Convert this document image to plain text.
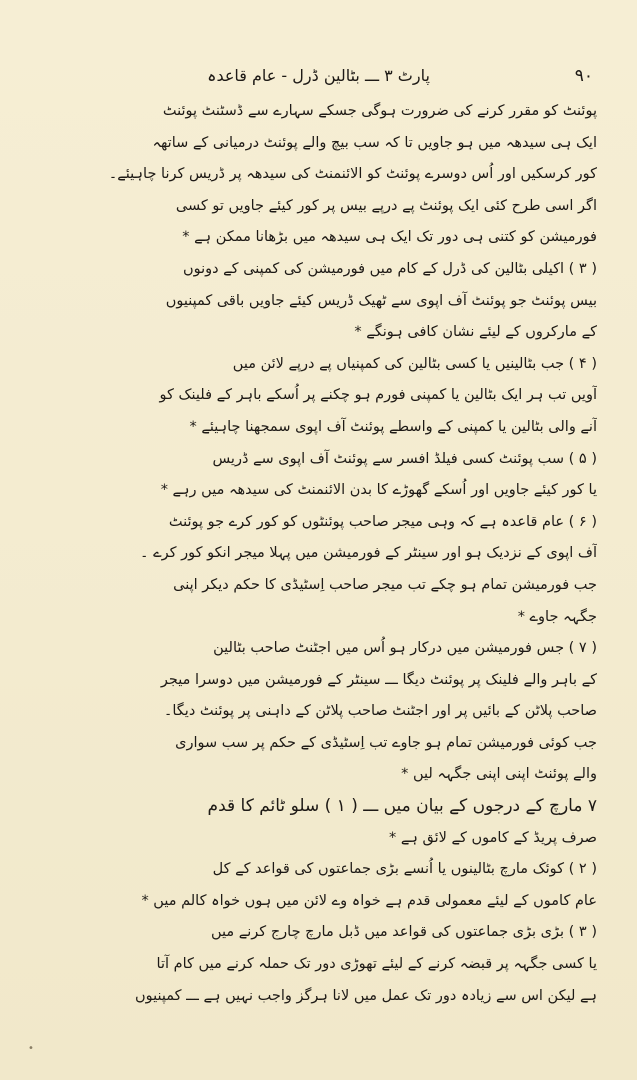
۹۰
پارٹ ۳ ـــ بٹالین ڈرل - عام قاعدہ
پوئنٹ کو مقرر کرنے کی ضرورت ہوگی جسکے سہارے سے ڈسٹنٹ پوئنٹ
ایک ہی سیدھہ میں ہو جاویں تا کہ سب بیچ والے پوئنٹ درمیانی کے ساتھہ
کور کرسکیں اور اُس دوسرے پوئنٹ کو الائنمنٹ کی سیدھہ پر ڈریس کرنا چاہیئے۔
اگر اسی طرح کئی ایک پوئنٹ پے درپے بیس پر کور کیئے جاویں تو کسی
فورمیشن کو کتنی ہی دور تک ایک ہی سیدھہ میں بڑھانا ممکن ہے *
( ۳ ) اکیلی بٹالین کی ڈرل کے کام میں فورمیشن کی کمپنی کے دونوں
بیس پوئنٹ جو پوئنٹ آف اپوی سے ٹھیک ڈریس کیئے جاویں باقی کمپنیوں
کے مارکروں کے لیئے نشان کافی ہونگے *
( ۴ ) جب بٹالینیں یا کسی بٹالین کی کمپنیاں پے درپے لائن میں
آویں تب ہر ایک بٹالین یا کمپنی فورم ہو چکنے پر اُسکے باہر کے فلینک کو
آنے والی بٹالین یا کمپنی کے واسطے پوئنٹ آف اپوی سمجھنا چاہیئے *
( ۵ ) سب پوئنٹ کسی فیلڈ افسر سے پوئنٹ آف اپوی سے ڈریس
یا کور کیئے جاویں اور اُسکے گھوڑے کا بدن الائنمنٹ کی سیدھہ میں رہے *
( ۶ ) عام قاعدہ ہے کہ وہی میجر صاحب پوئنٹوں کو کور کرے جو پوئنٹ
آف اپوی کے نزدیک ہو اور سینٹر کے فورمیشن میں پہلا میجر انکو کور کرے ۔
جب فورمیشن تمام ہو چکے تب میجر صاحب اِسٹیڈی کا حکم دیکر اپنی
جگہہ جاوے *
( ۷ ) جس فورمیشن میں درکار ہو اُس میں اجٹنٹ صاحب بٹالین
کے باہر والے فلینک پر پوئنٹ دیگا ـــ سینٹر کے فورمیشن میں دوسرا میجر
صاحب پلاٹن کے بائیں پر اور اجٹنٹ صاحب پلاٹن کے داہنی پر پوئنٹ دیگا۔
جب کوئی فورمیشن تمام ہو جاوے تب اِسٹیڈی کے حکم پر سب سواری
والے پوئنٹ اپنی اپنی جگہہ لیں *
۷ مارچ کے درجوں کے بیان میں ـــ ( ۱ ) سلو ٹائم کا قدم
صرف پریڈ کے کاموں کے لائق ہے *
( ۲ ) کوئک مارچ بٹالینوں یا اُنسے بڑی جماعتوں کی قواعد کے کل
عام کاموں کے لیئے معمولی قدم ہے خواہ وے لائن میں ہوں خواہ کالم میں *
( ۳ ) بڑی بڑی جماعتوں کی قواعد میں ڈبل مارچ چارج کرنے میں
یا کسی جگہہ پر قبضہ کرنے کے لیئے تھوڑی دور تک حملہ کرنے میں کام آتا
ہے لیکن اس سے زیادہ دور تک عمل میں لانا ہرگز واجب نہیں ہے ـــ کمپنیوں
•
